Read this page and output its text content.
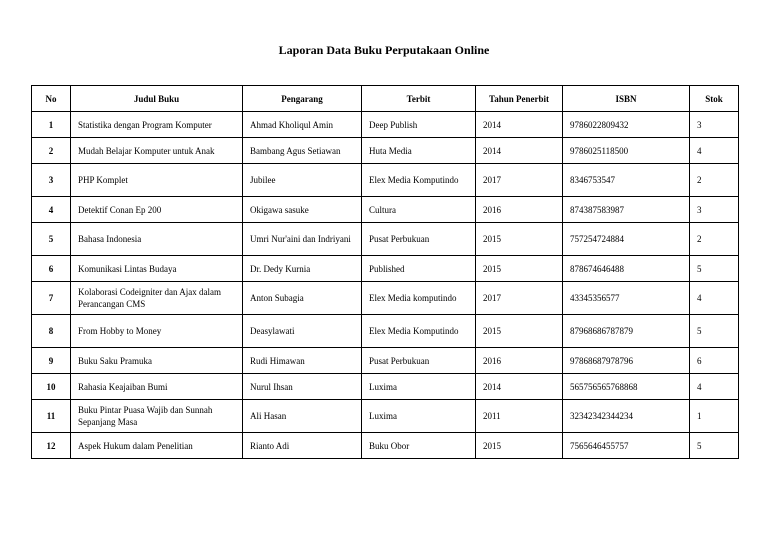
Laporan Data Buku Perputakaan Online
No	Judul Buku	Pengarang	Terbit	Tahun Penerbit	ISBN	Stok
1	Statistika dengan Program Komputer	Ahmad Kholiqul Amin	Deep Publish	2014	9786022809432	3
2	Mudah Belajar Komputer untuk Anak	Bambang Agus Setiawan	Huta Media	2014	9786025118500	4
3	PHP Komplet	Jubilee	Elex Media Komputindo	2017	8346753547	2
4	Detektif Conan Ep 200	Okigawa sasuke	Cultura	2016	874387583987	3
5	Bahasa Indonesia	Umri Nur'aini dan Indriyani	Pusat Perbukuan	2015	757254724884	2
6	Komunikasi Lintas Budaya	Dr. Dedy Kurnia	Published	2015	878674646488	5
7	Kolaborasi Codeigniter dan Ajax dalam Perancangan CMS	Anton Subagia	Elex Media komputindo	2017	43345356577	4
8	From Hobby to Money	Deasylawati	Elex Media Komputindo	2015	87968686787879	5
9	Buku Saku Pramuka	Rudi Himawan	Pusat Perbukuan	2016	97868687978796	6
10	Rahasia Keajaiban Bumi	Nurul Ihsan	Luxima	2014	565756565768868	4
11	Buku Pintar Puasa Wajib dan Sunnah Sepanjang Masa	Ali Hasan	Luxima	2011	32342342344234	1
12	Aspek Hukum dalam Penelitian	Rianto Adi	Buku Obor	2015	7565646455757	5
